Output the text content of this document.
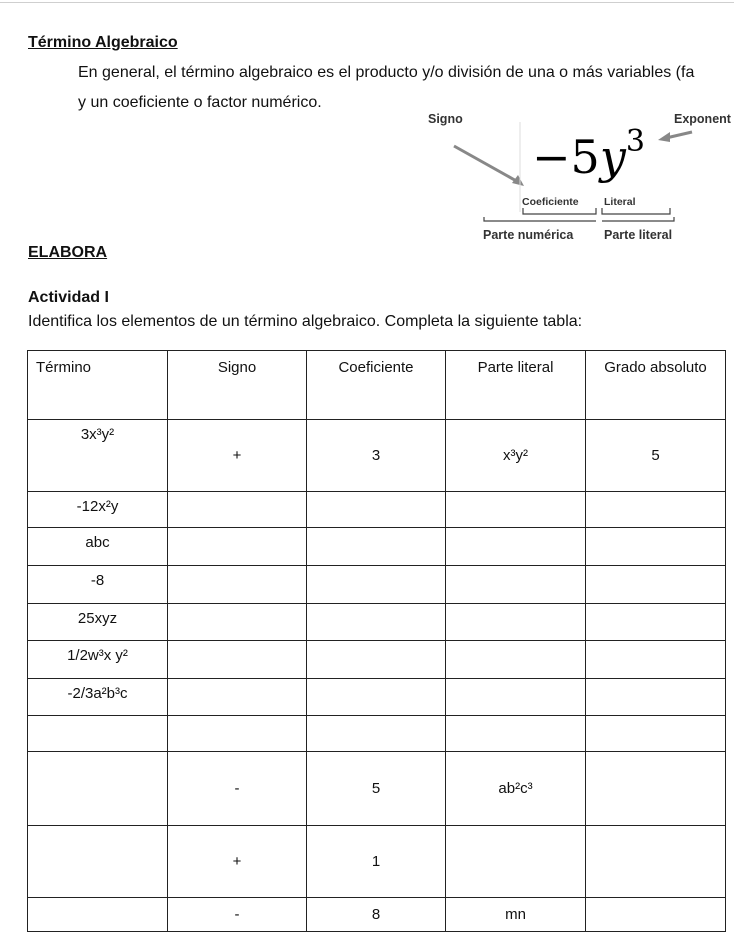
Término Algebraico
En general, el término algebraico es el producto y/o división de una o más variables (fa
y un coeficiente o factor numérico.
Signo	Exponent
$-5y^3$
Coeficiente Literal
Parte numérica Parte literal
ELABORA
Actividad I
Identifica los elementos de un término algebraico. Completa la siguiente tabla:
Término	Signo	Coeficiente	Parte literal	Grado absoluto
3x³y²	+	3	x³y²	5
-12x²y				
abc				
-8				
25xyz				
1/2w³x y²				
-2/3a²b³c				

	-	5	ab²c³	
	+	1		
	-	8	mn	
